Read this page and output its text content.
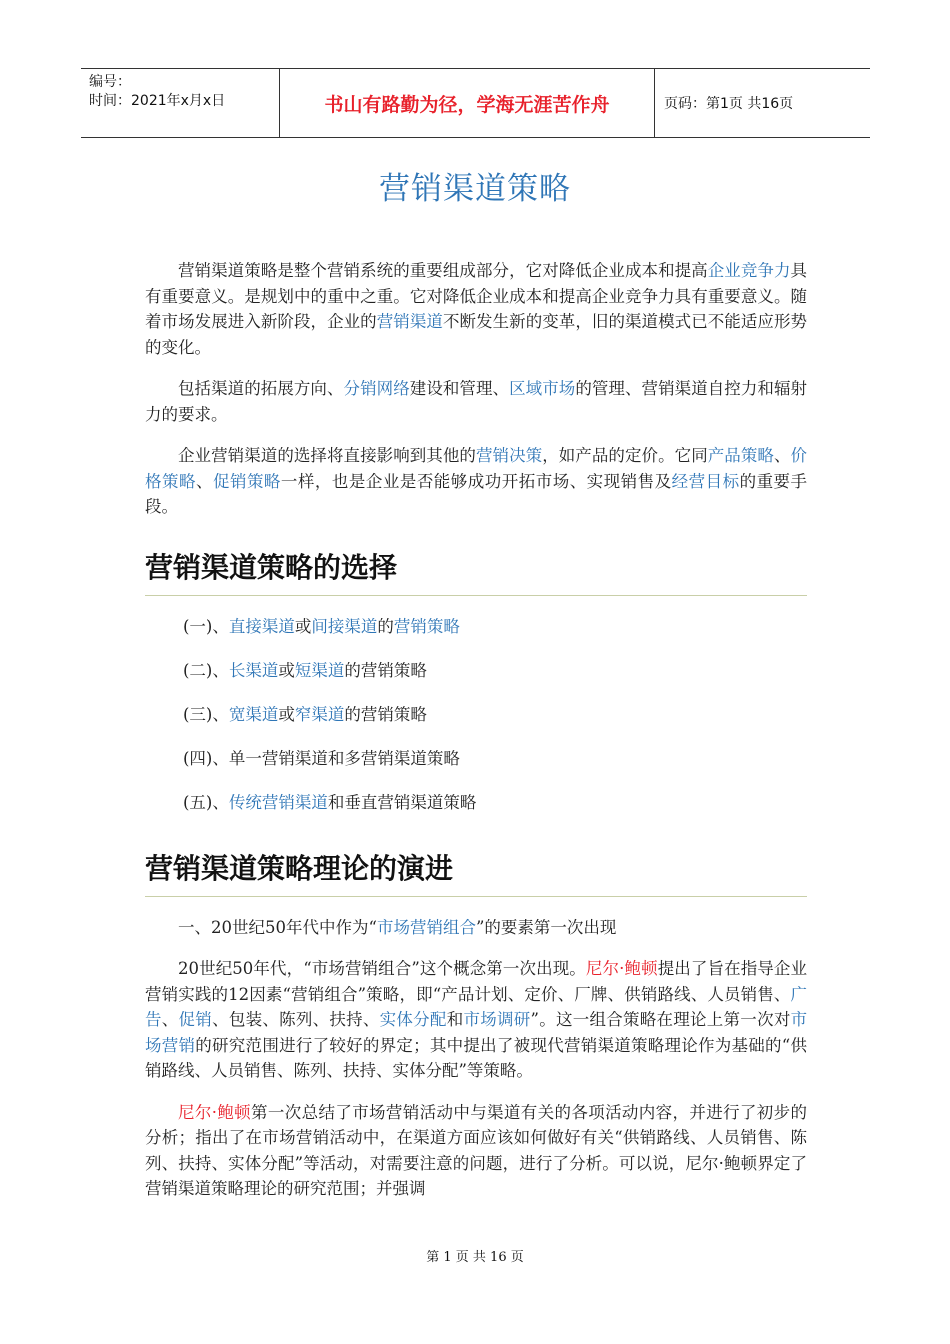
编号：
时间：2021年x月x日	书山有路勤为径，学海无涯苦作舟	页码：第1页 共16页
营销渠道策略

营销渠道策略是整个营销系统的重要组成部分，它对降低企业成本和提高企业竞争力具有重要意义。是规划中的重中之重。它对降低企业成本和提高企业竞争力具有重要意义。随着市场发展进入新阶段，企业的营销渠道不断发生新的变革，旧的渠道模式已不能适应形势的变化。

包括渠道的拓展方向、分销网络建设和管理、区域市场的管理、营销渠道自控力和辐射力的要求。

企业营销渠道的选择将直接影响到其他的营销决策，如产品的定价。它同产品策略、价格策略、促销策略一样，也是企业是否能够成功开拓市场、实现销售及经营目标的重要手段。

营销渠道策略的选择

(一)、直接渠道或间接渠道的营销策略

(二)、长渠道或短渠道的营销策略

(三)、宽渠道或窄渠道的营销策略

(四)、单一营销渠道和多营销渠道策略

(五)、传统营销渠道和垂直营销渠道策略

营销渠道策略理论的演进

一、20世纪50年代中作为“市场营销组合”的要素第一次出现

20世纪50年代，“市场营销组合”这个概念第一次出现。尼尔·鲍顿提出了旨在指导企业营销实践的12因素“营销组合”策略，即“产品计划、定价、厂牌、供销路线、人员销售、广告、促销、包装、陈列、扶持、实体分配和市场调研”。这一组合策略在理论上第一次对市场营销的研究范围进行了较好的界定；其中提出了被现代营销渠道策略理论作为基础的“供销路线、人员销售、陈列、扶持、实体分配”等策略。

尼尔·鲍顿第一次总结了市场营销活动中与渠道有关的各项活动内容，并进行了初步的分析；指出了在市场营销活动中，在渠道方面应该如何做好有关“供销路线、人员销售、陈列、扶持、实体分配”等活动，对需要注意的问题，进行了分析。可以说，尼尔·鲍顿界定了营销渠道策略理论的研究范围；并强调

第 1 页 共 16 页
